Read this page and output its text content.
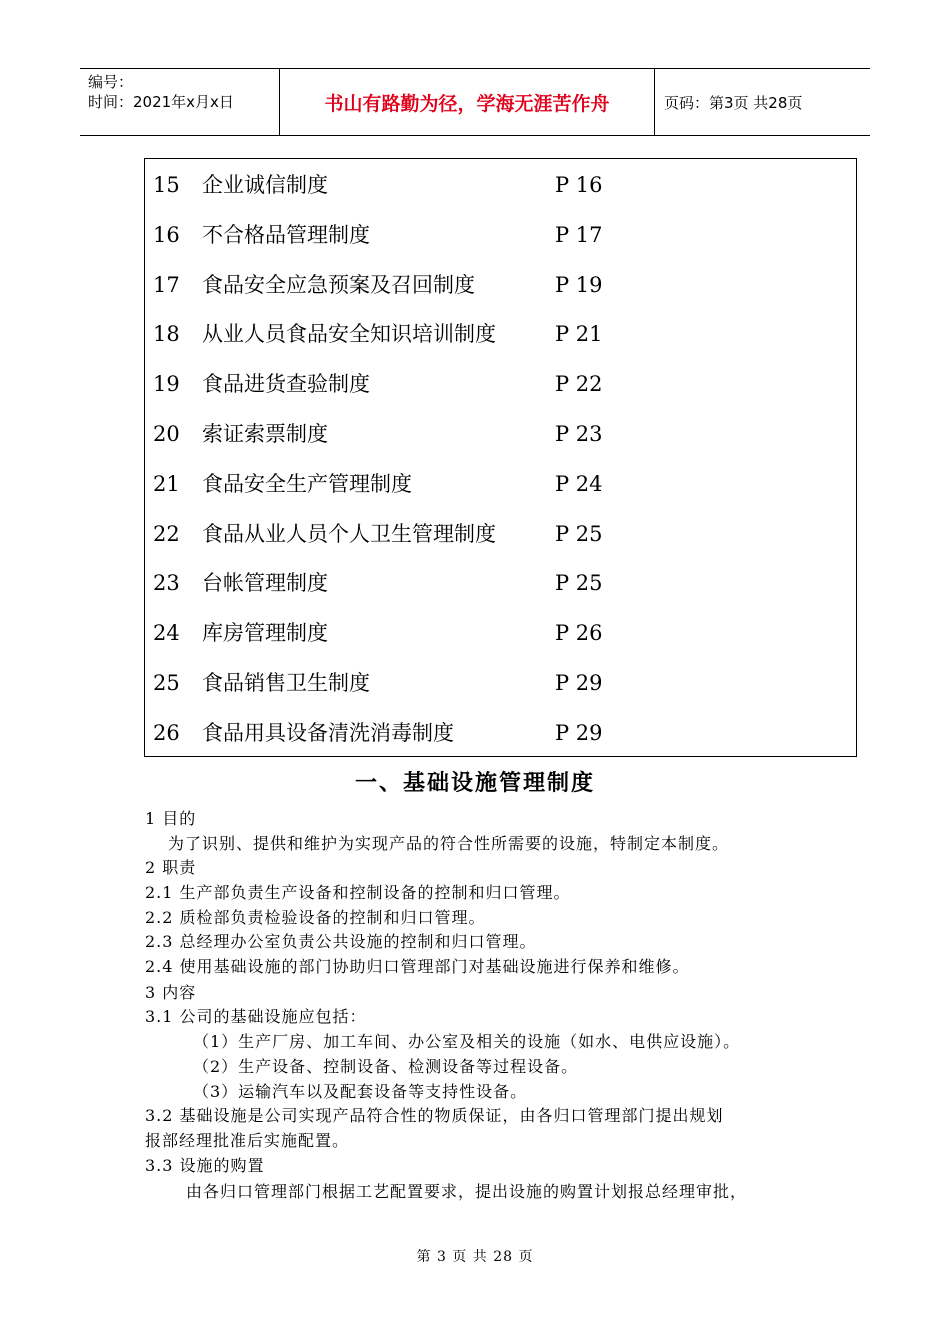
编号：
时间：2021年x月x日	书山有路勤为径，学海无涯苦作舟	页码：第3页 共28页
15 企业诚信制度	P 16
16 不合格品管理制度	P 17
17 食品安全应急预案及召回制度	P 19
18 从业人员食品安全知识培训制度	P 21
19 食品进货查验制度	P 22
20 索证索票制度	P 23
21 食品安全生产管理制度	P 24
22 食品从业人员个人卫生管理制度	P 25
23 台帐管理制度	P 25
24 库房管理制度	P 26
25 食品销售卫生制度	P 29
26 食品用具设备清洗消毒制度	P 29
一、基础设施管理制度
1 目的
为了识别、提供和维护为实现产品的符合性所需要的设施，特制定本制度。
2 职责
2.1 生产部负责生产设备和控制设备的控制和归口管理。
2.2 质检部负责检验设备的控制和归口管理。
2.3 总经理办公室负责公共设施的控制和归口管理。
2.4 使用基础设施的部门协助归口管理部门对基础设施进行保养和维修。
3 内容
3.1 公司的基础设施应包括：
（1）生产厂房、加工车间、办公室及相关的设施（如水、电供应设施）。
（2）生产设备、控制设备、检测设备等过程设备。
（3）运输汽车以及配套设备等支持性设备。
3.2 基础设施是公司实现产品符合性的物质保证，由各归口管理部门提出规划
报部经理批准后实施配置。
3.3 设施的购置
由各归口管理部门根据工艺配置要求，提出设施的购置计划报总经理审批，
第 3 页 共 28 页
